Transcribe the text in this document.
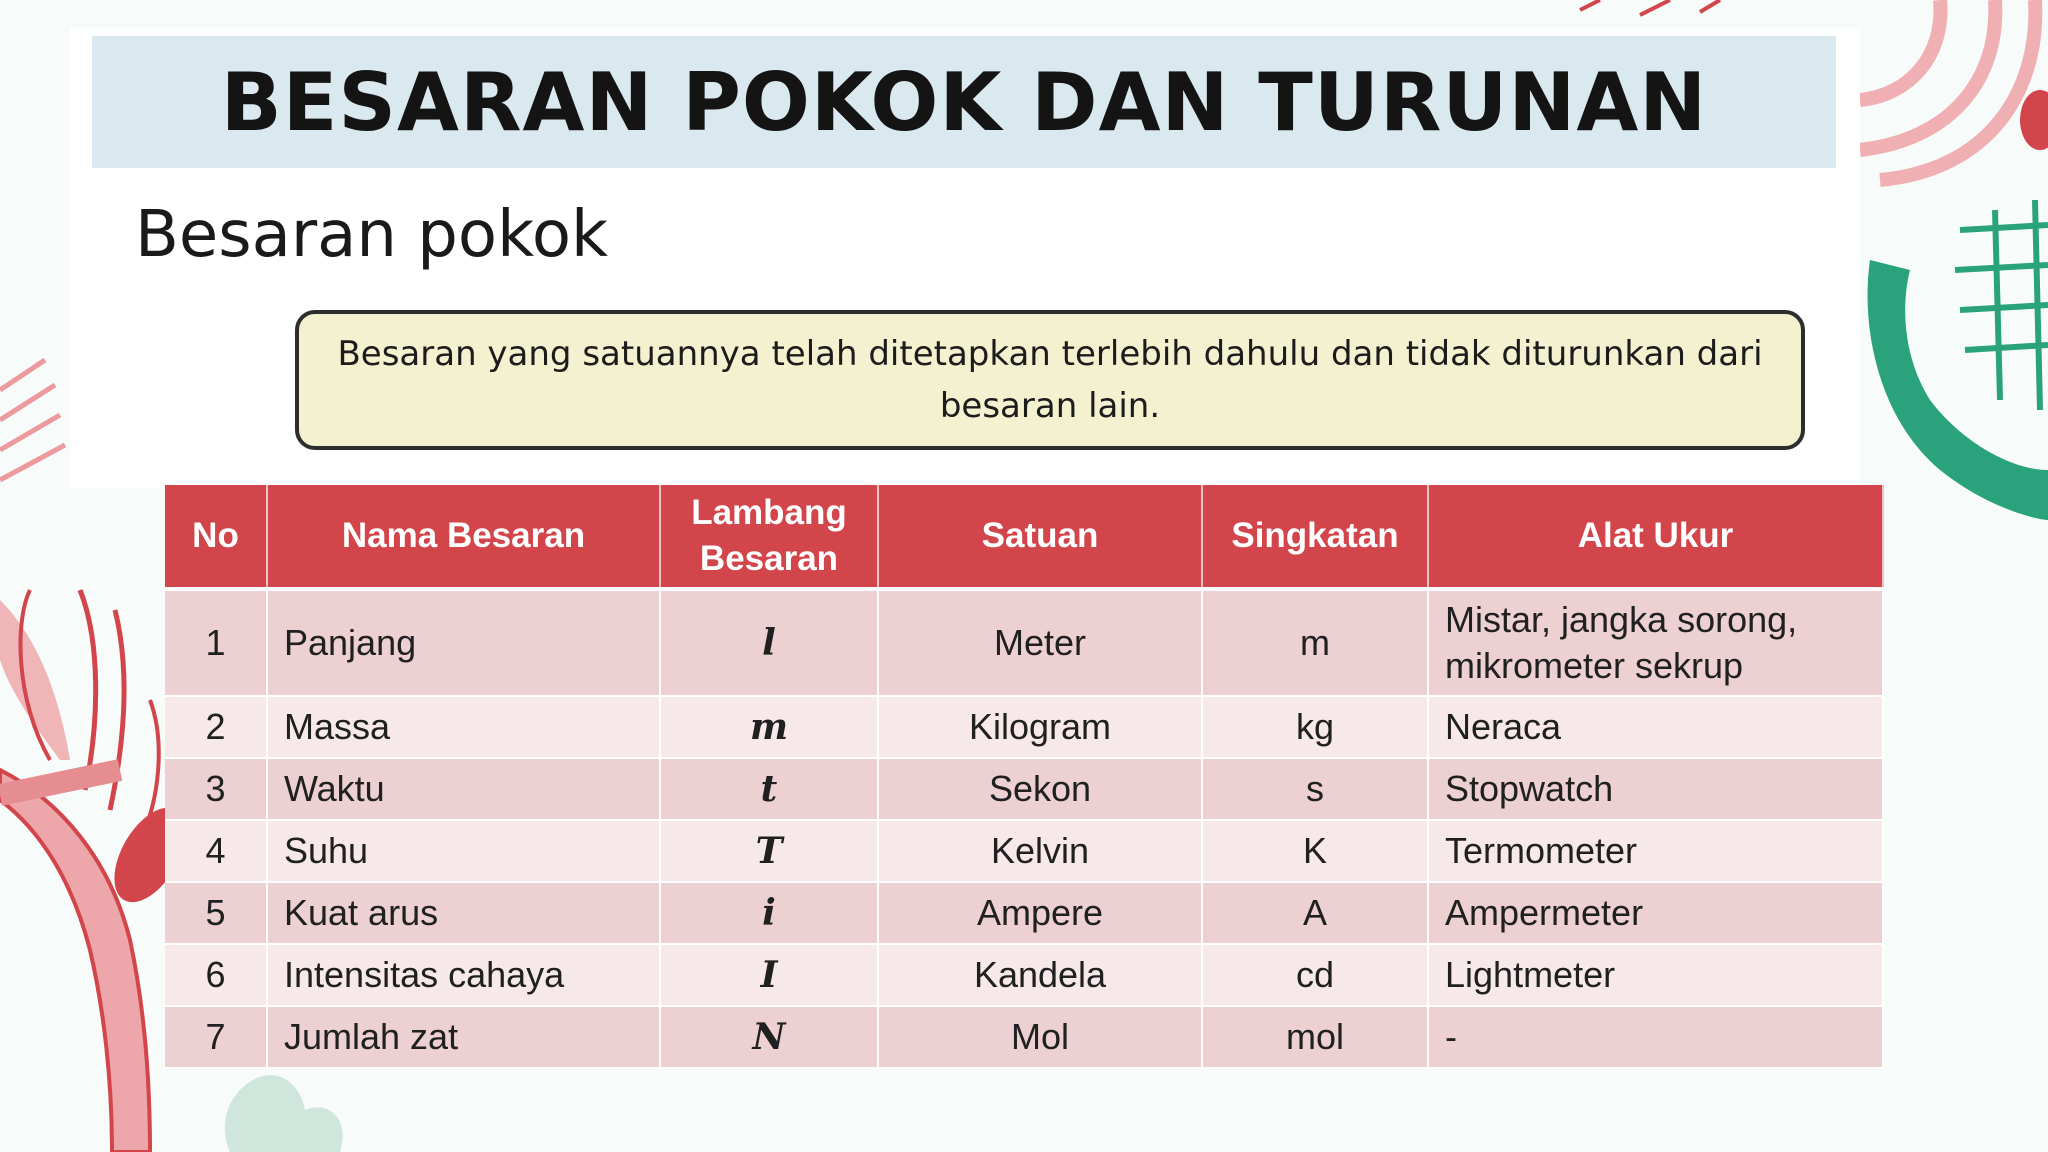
BESARAN POKOK DAN TURUNAN
Besaran pokok
Besaran yang satuannya telah ditetapkan terlebih dahulu dan tidak diturunkan dari besaran lain.
No	Nama Besaran	Lambang Besaran	Satuan	Singkatan	Alat Ukur
1	Panjang	l	Meter	m	Mistar, jangka sorong, mikrometer sekrup
2	Massa	m	Kilogram	kg	Neraca
3	Waktu	t	Sekon	s	Stopwatch
4	Suhu	T	Kelvin	K	Termometer
5	Kuat arus	i	Ampere	A	Ampermeter
6	Intensitas cahaya	I	Kandela	cd	Lightmeter
7	Jumlah zat	N	Mol	mol	-
